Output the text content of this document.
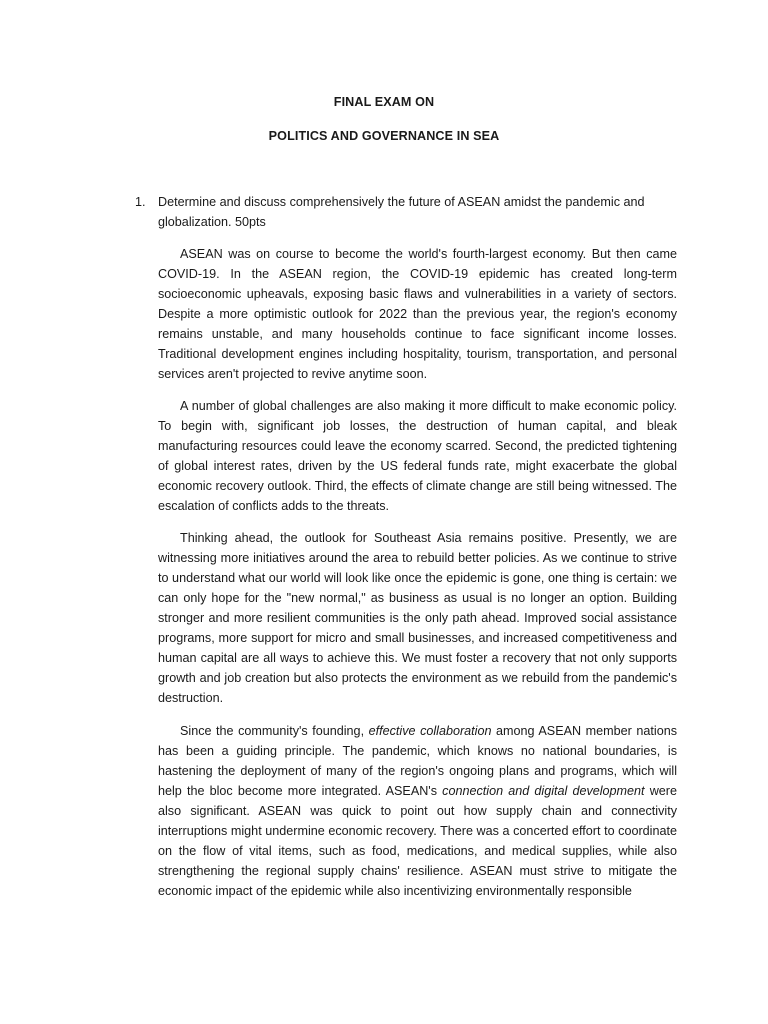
FINAL EXAM ON
POLITICS AND GOVERNANCE IN SEA
1. Determine and discuss comprehensively the future of ASEAN amidst the pandemic and globalization. 50pts

ASEAN was on course to become the world's fourth-largest economy. But then came COVID-19. In the ASEAN region, the COVID-19 epidemic has created long-term socioeconomic upheavals, exposing basic flaws and vulnerabilities in a variety of sectors. Despite a more optimistic outlook for 2022 than the previous year, the region's economy remains unstable, and many households continue to face significant income losses. Traditional development engines including hospitality, tourism, transportation, and personal services aren't projected to revive anytime soon.

A number of global challenges are also making it more difficult to make economic policy. To begin with, significant job losses, the destruction of human capital, and bleak manufacturing resources could leave the economy scarred. Second, the predicted tightening of global interest rates, driven by the US federal funds rate, might exacerbate the global economic recovery outlook. Third, the effects of climate change are still being witnessed. The escalation of conflicts adds to the threats.

Thinking ahead, the outlook for Southeast Asia remains positive. Presently, we are witnessing more initiatives around the area to rebuild better policies. As we continue to strive to understand what our world will look like once the epidemic is gone, one thing is certain: we can only hope for the "new normal," as business as usual is no longer an option. Building stronger and more resilient communities is the only path ahead. Improved social assistance programs, more support for micro and small businesses, and increased competitiveness and human capital are all ways to achieve this. We must foster a recovery that not only supports growth and job creation but also protects the environment as we rebuild from the pandemic's destruction.

Since the community's founding, effective collaboration among ASEAN member nations has been a guiding principle. The pandemic, which knows no national boundaries, is hastening the deployment of many of the region's ongoing plans and programs, which will help the bloc become more integrated. ASEAN's connection and digital development were also significant. ASEAN was quick to point out how supply chain and connectivity interruptions might undermine economic recovery. There was a concerted effort to coordinate on the flow of vital items, such as food, medications, and medical supplies, while also strengthening the regional supply chains' resilience. ASEAN must strive to mitigate the economic impact of the epidemic while also incentivizing environmentally responsible
